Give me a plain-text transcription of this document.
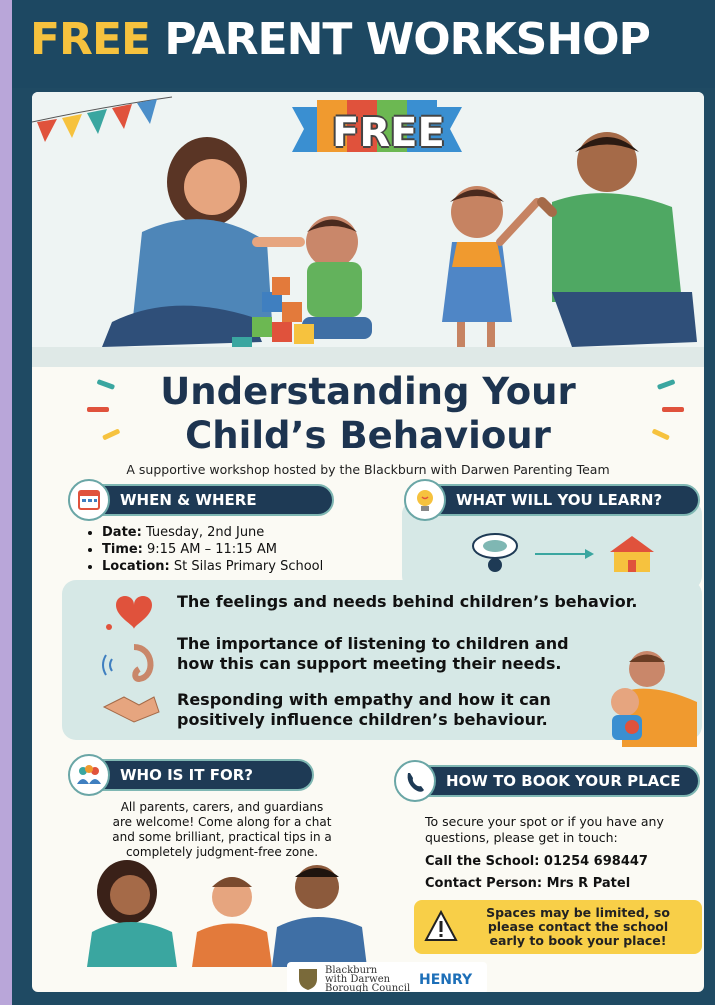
FREE PARENT WORKSHOP
FREE
Understanding Your
Child’s Behaviour
A supportive workshop hosted by the Blackburn with Darwen Parenting Team
WHEN & WHERE
• Date: Tuesday, 2nd June
• Time: 9:15 AM – 11:15 AM
• Location: St Silas Primary School
WHAT WILL YOU LEARN?
The feelings and needs behind children’s behavior.
The importance of listening to children and
how this can support meeting their needs.
Responding with empathy and how it can
positively influence children’s behaviour.
WHO IS IT FOR?
All parents, carers, and guardians
are welcome! Come along for a chat
and some brilliant, practical tips in a
completely judgment-free zone.
HOW TO BOOK YOUR PLACE
To secure your spot or if you have any
questions, please get in touch:
Call the School: 01254 698447
Contact Person: Mrs R Patel
Spaces may be limited, so
please contact the school
early to book your place!
Blackburn
with Darwen
Borough Council
HENRY
